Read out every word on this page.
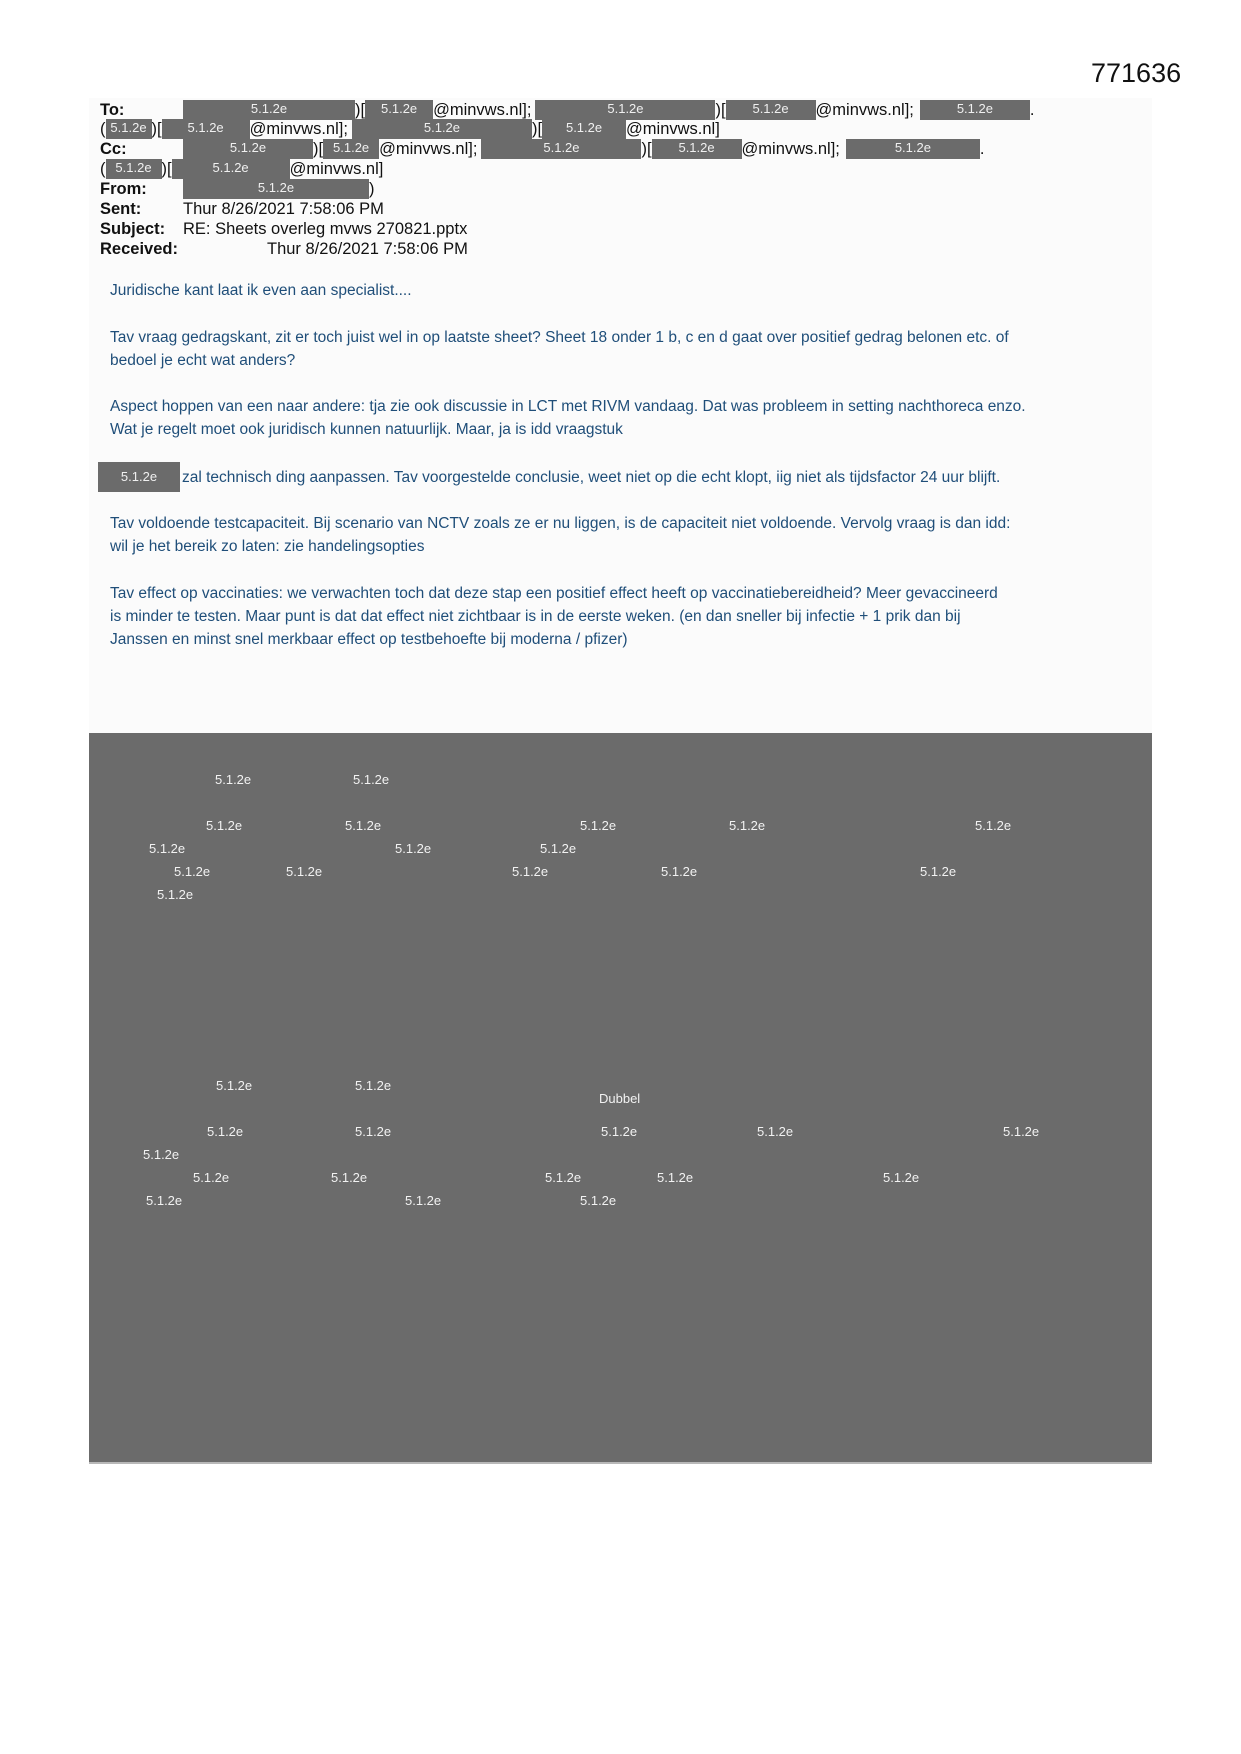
771636
To:	5.1.2e	)[ 5.1.2e @minvws.nl];	5.1.2e	)[ 5.1.2e @minvws.nl];	5.1.2e .
( 5.1.2e )[ 5.1.2e @minvws.nl];	5.1.2e	)[ 5.1.2e @minvws.nl]
Cc:	5.1.2e	)[ 5.1.2e @minvws.nl];	5.1.2e	)[ 5.1.2e @minvws.nl];	5.1.2e	.
( 5.1.2e )[	5.1.2e @minvws.nl]
From:	5.1.2e	)
Sent:	Thur 8/26/2021 7:58:06 PM
Subject: RE: Sheets overleg mvws 270821.pptx
Received:	Thur 8/26/2021 7:58:06 PM
Juridische kant laat ik even aan specialist....
Tav vraag gedragskant, zit er toch juist wel in op laatste sheet? Sheet 18 onder 1 b, c en d gaat over positief gedrag belonen etc. of
bedoel je echt wat anders?
Aspect hoppen van een naar andere: tja zie ook discussie in LCT met RIVM vandaag. Dat was probleem in setting nachthoreca enzo.
Wat je regelt moet ook juridisch kunnen natuurlijk. Maar, ja is idd vraagstuk
5.1.2e	zal technisch ding aanpassen. Tav voorgestelde conclusie, weet niet op die echt klopt, iig niet als tijdsfactor 24 uur blijft.
Tav voldoende testcapaciteit. Bij scenario van NCTV zoals ze er nu liggen, is de capaciteit niet voldoende. Vervolg vraag is dan idd:
wil je het bereik zo laten: zie handelingsopties
Tav effect op vaccinaties: we verwachten toch dat deze stap een positief effect heeft op vaccinatiebereidheid? Meer gevaccineerd
is minder te testen. Maar punt is dat dat effect niet zichtbaar is in de eerste weken. (en dan sneller bij infectie + 1 prik dan bij
Janssen en minst snel merkbaar effect op testbehoefte bij moderna / pfizer)
5.1.2e	5.1.2e
5.1.2e	5.1.2e	5.1.2e	5.1.2e	5.1.2e
5.1.2e	5.1.2e	5.1.2e
5.1.2e	5.1.2e	5.1.2e	5.1.2e	5.1.2e
5.1.2e
5.1.2e	5.1.2e
Dubbel
5.1.2e	5.1.2e	5.1.2e	5.1.2e	5.1.2e
5.1.2e
5.1.2e	5.1.2e	5.1.2e	5.1.2e	5.1.2e
5.1.2e	5.1.2e	5.1.2e
